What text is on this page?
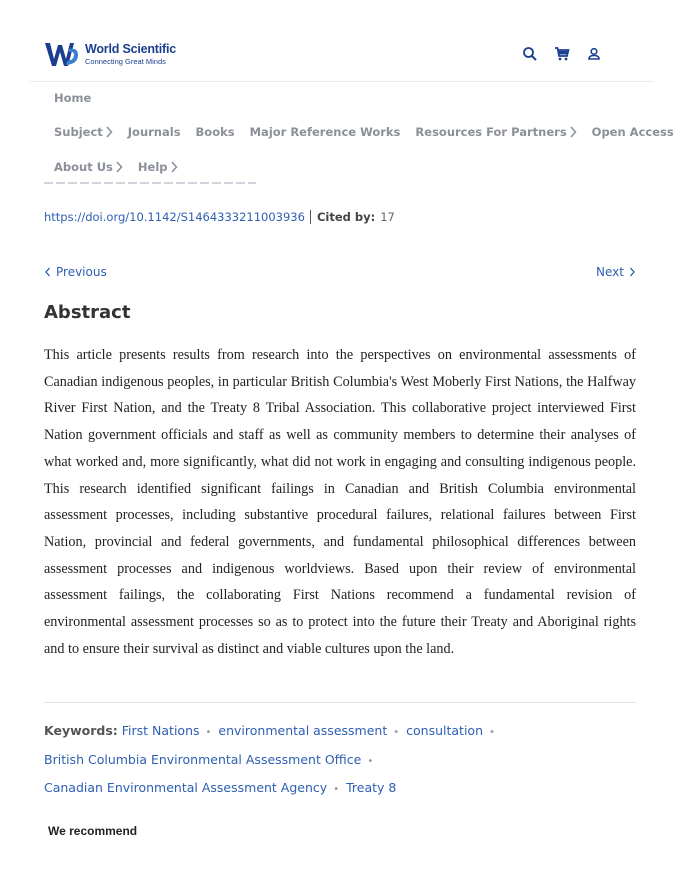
World Scientific
Connecting Great Minds
Home
Subject Journals Books Major Reference Works Resources For Partners Open Access
About Us Help
https://doi.org/10.1142/S1464333211003936	Cited by: 17
Previous	Next
Abstract

This article presents results from research into the perspectives on environmental assessments of Canadian indigenous peoples, in particular British Columbia's West Moberly First Nations, the Halfway River First Nation, and the Treaty 8 Tribal Association. This collaborative project interviewed First Nation government officials and staff as well as community members to determine their analyses of what worked and, more significantly, what did not work in engaging and consulting indigenous people. This research identified significant failings in Canadian and British Columbia environmental assessment processes, including substantive procedural failures, relational failures between First Nation, provincial and federal governments, and fundamental philosophical differences between assessment processes and indigenous worldviews. Based upon their review of environmental assessment failings, the collaborating First Nations recommend a fundamental revision of environmental assessment processes so as to protect into the future their Treaty and Aboriginal rights and to ensure their survival as distinct and viable cultures upon the land.

Keywords: First Nations • environmental assessment • consultation •
British Columbia Environmental Assessment Office •
Canadian Environmental Assessment Agency • Treaty 8
We recommend
